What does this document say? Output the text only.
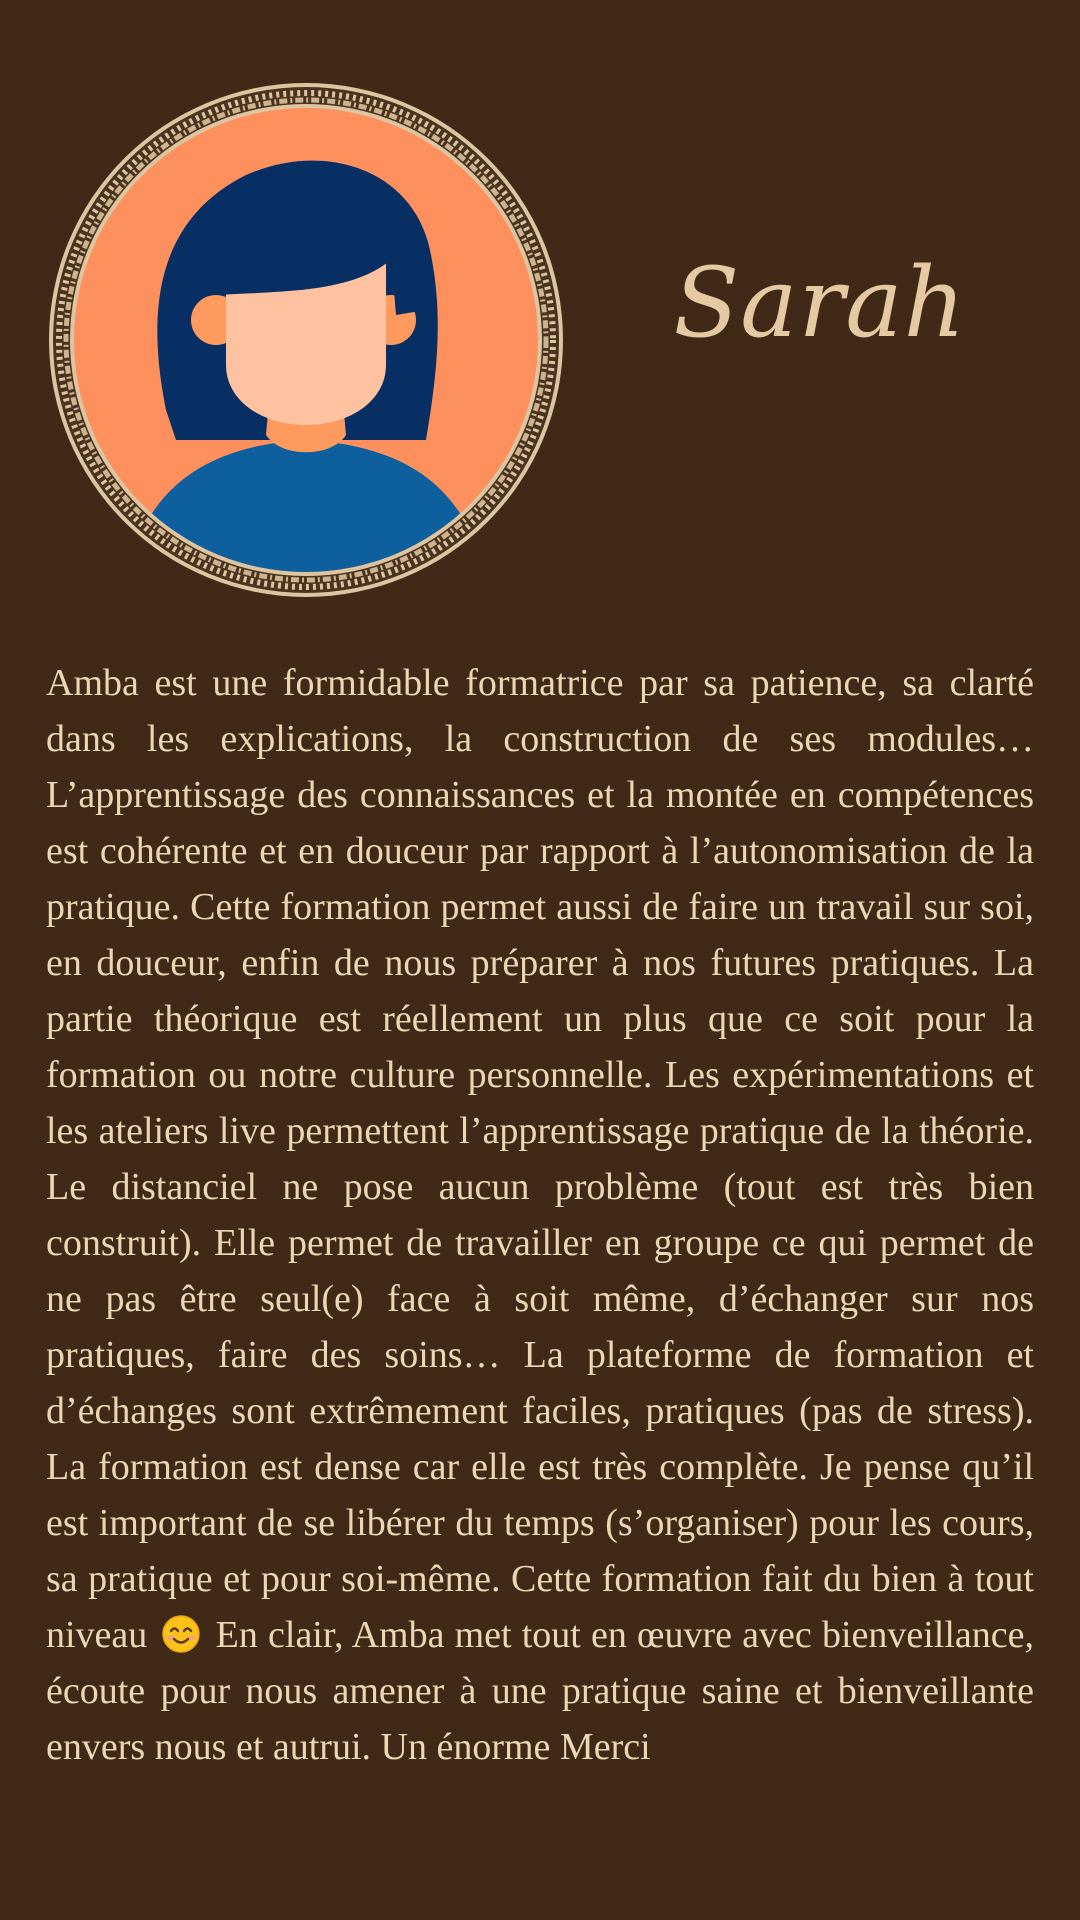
Sarah

Amba est une formidable formatrice par sa patience, sa clarté dans les explications, la construction de ses modules… L’apprentissage des connaissances et la montée en compétences est cohérente et en douceur par rapport à l’autonomisation de la pratique. Cette formation permet aussi de faire un travail sur soi, en douceur, enfin de nous préparer à nos futures pratiques. La partie théorique est réellement un plus que ce soit pour la formation ou notre culture personnelle. Les expérimentations et les ateliers live permettent l’apprentissage pratique de la théorie. Le distanciel ne pose aucun problème (tout est très bien construit). Elle permet de travailler en groupe ce qui permet de ne pas être seul(e) face à soit même, d’échanger sur nos pratiques, faire des soins… La plateforme de formation et d’échanges sont extrêmement faciles, pratiques (pas de stress). La formation est dense car elle est très complète. Je pense qu’il est important de se libérer du temps (s’organiser) pour les cours, sa pratique et pour soi-même. Cette formation fait du bien à tout niveau En clair, Amba met tout en œuvre avec bienveillance, écoute pour nous amener à une pratique saine et bienveillante envers nous et autrui. Un énorme Merci
